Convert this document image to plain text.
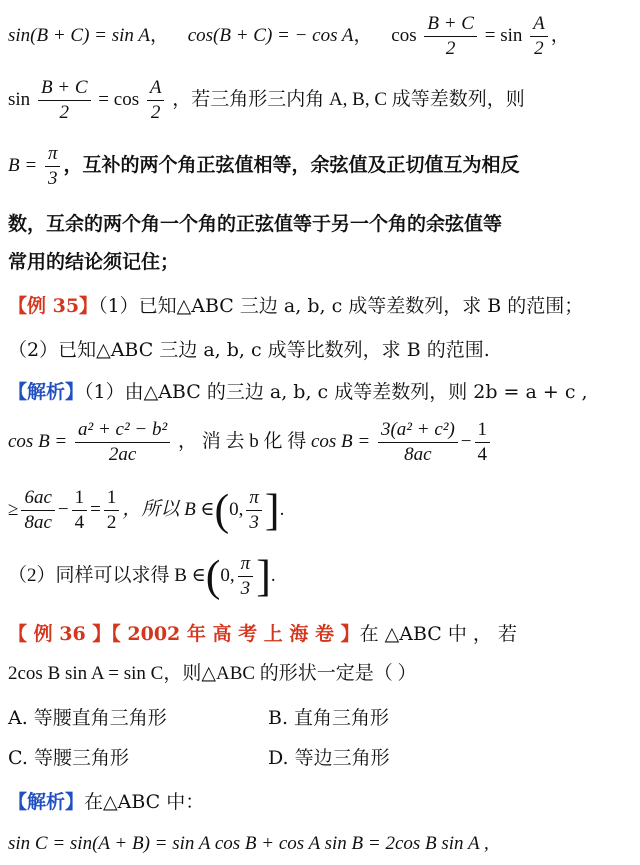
sin(B + C) = sin A， cos(B + C) = − cos A， $\cos \frac{B + C}{2} = \sin \frac{A}{2}$ ，
$\sin \frac{B + C}{2} = \cos \frac{A}{2}$ ，若三角形三内角 A, B, C 成等差数列，则
$B = \frac{\pi}{3}$ ，互补的两个角正弦值相等，余弦值及正切值互为相反
数，互余的两个角一个角的正弦值等于另一个角的余弦值等
常用的结论须记住；
【例 35】（1）已知△ABC 三边 a, b, c 成等差数列，求 B 的范围；
（2）已知△ABC 三边 a, b, c 成等比数列，求 B 的范围.
【解析】（1）由△ABC 的三边 a, b, c 成等差数列，则 2b = a + c ,
$\cos B = \frac{\text{a² + c² − b²}}{2ac}$ ， 消 去 b 化 得 $\cos B = \frac{\text{3(a² + c²)}}{8ac} - \frac{1}{4}$
≥ $\frac{6ac}{8ac} - \frac{1}{4} = \frac{1}{2}$ ，所以 B ∈(0, $\frac{\pi}{3}$ ].
（2）同样可以求得 B ∈(0, $\frac{\pi}{3}$ ].
【 例 36 】【 2002 年 高 考 上 海 卷 】在 △ABC 中 ， 若
2cos B sin A = sin C，则△ABC 的形状一定是（ ）
A. 等腰直角三角形	B. 直角三角形
C. 等腰三角形	D. 等边三角形
【解析】在△ABC 中：
sin C = sin(A + B) = sin A cos B + cos A sin B = 2cos B sin A ,
